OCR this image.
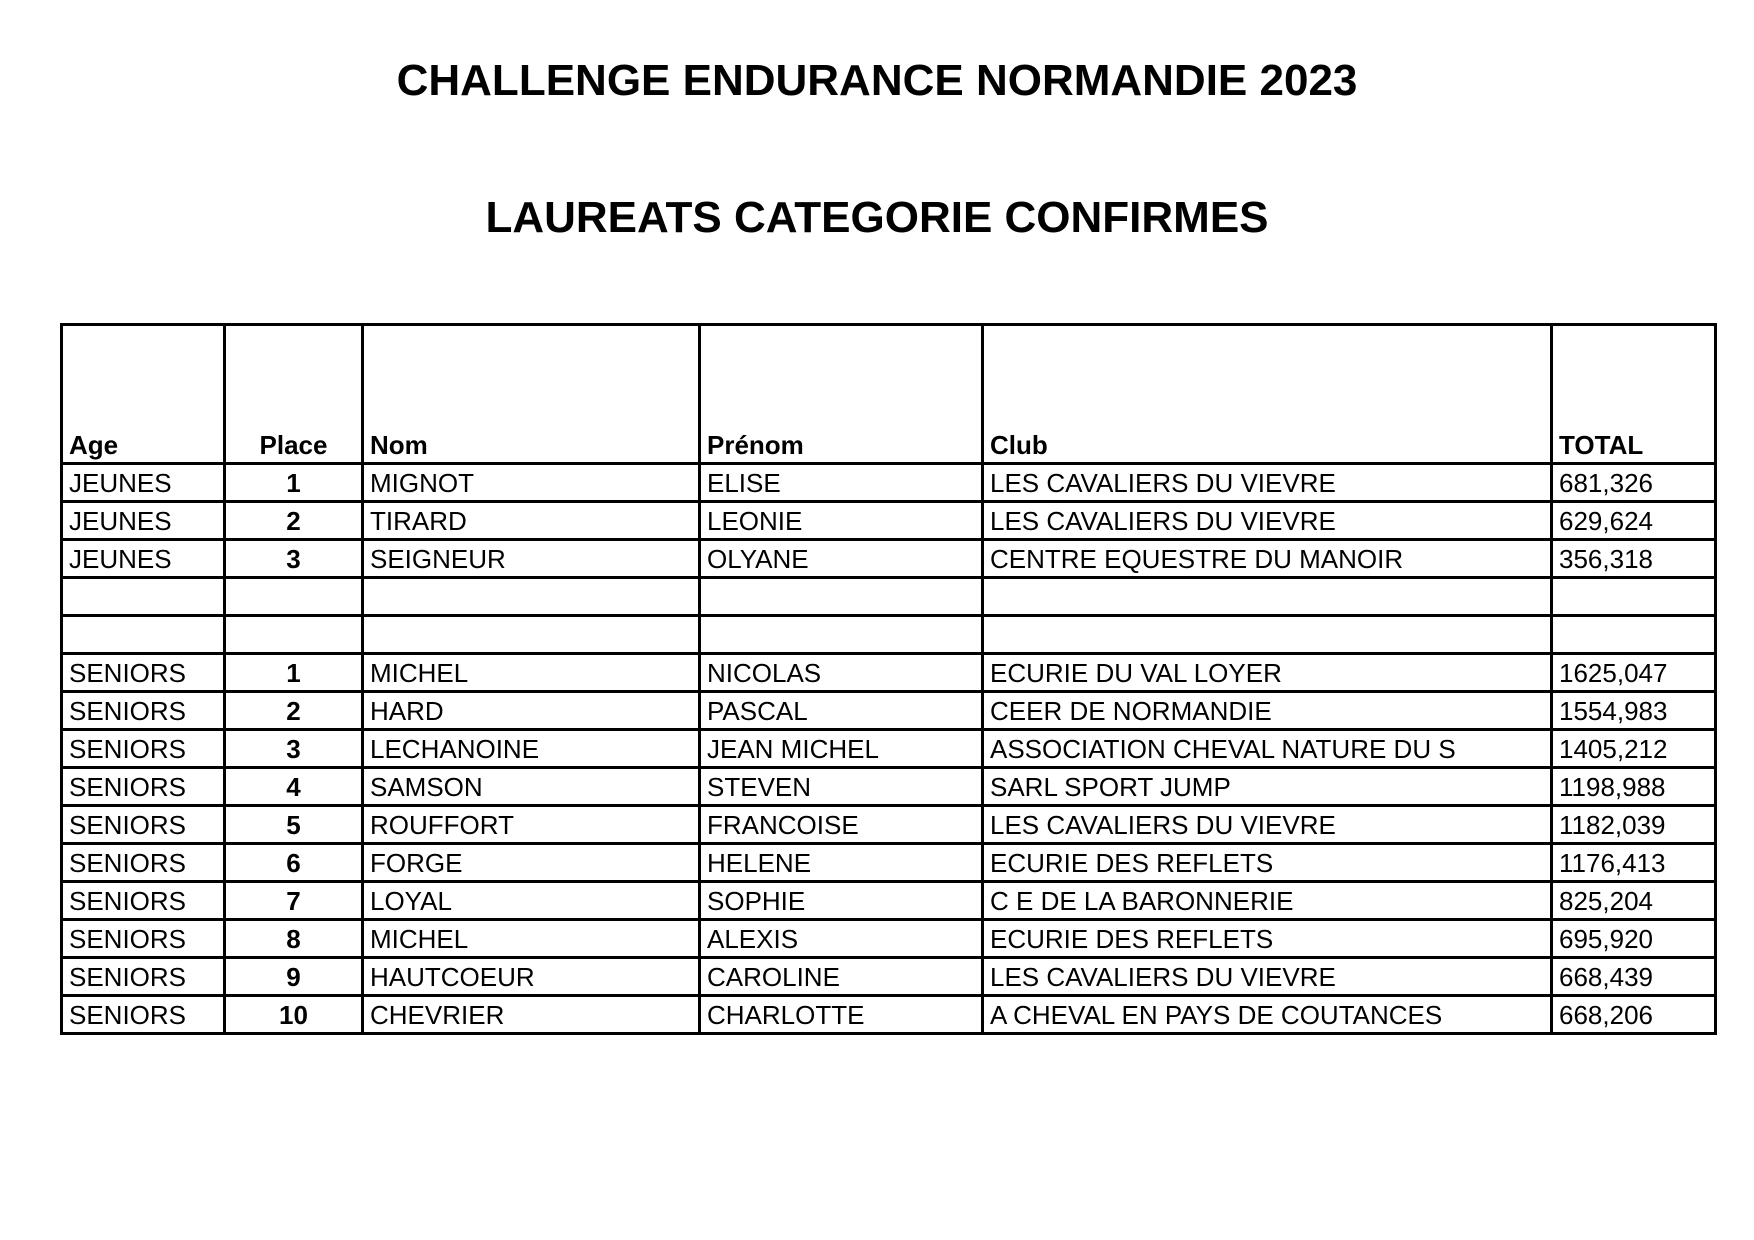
CHALLENGE ENDURANCE NORMANDIE 2023
LAUREATS CATEGORIE CONFIRMES
Age	Place	Nom	Prénom	Club	TOTAL
JEUNES	1	MIGNOT	ELISE	LES CAVALIERS DU VIEVRE	681,326
JEUNES	2	TIRARD	LEONIE	LES CAVALIERS DU VIEVRE	629,624
JEUNES	3	SEIGNEUR	OLYANE	CENTRE EQUESTRE DU MANOIR	356,318

SENIORS	1	MICHEL	NICOLAS	ECURIE DU VAL LOYER	1625,047
SENIORS	2	HARD	PASCAL	CEER DE NORMANDIE	1554,983
SENIORS	3	LECHANOINE	JEAN MICHEL	ASSOCIATION CHEVAL NATURE DU S	1405,212
SENIORS	4	SAMSON	STEVEN	SARL SPORT JUMP	1198,988
SENIORS	5	ROUFFORT	FRANCOISE	LES CAVALIERS DU VIEVRE	1182,039
SENIORS	6	FORGE	HELENE	ECURIE DES REFLETS	1176,413
SENIORS	7	LOYAL	SOPHIE	C E DE LA BARONNERIE	825,204
SENIORS	8	MICHEL	ALEXIS	ECURIE DES REFLETS	695,920
SENIORS	9	HAUTCOEUR	CAROLINE	LES CAVALIERS DU VIEVRE	668,439
SENIORS	10	CHEVRIER	CHARLOTTE	A CHEVAL EN PAYS DE COUTANCES	668,206
